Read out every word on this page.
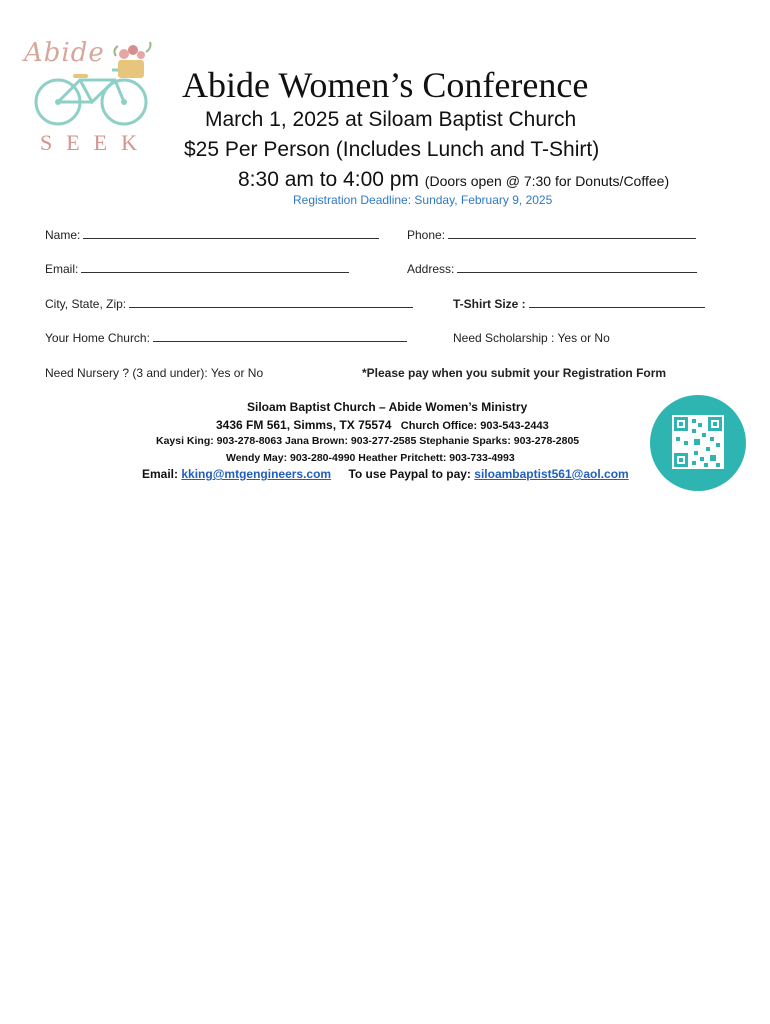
Abide
SEEK
Abide Women’s Conference
March 1, 2025 at Siloam Baptist Church
$25 Per Person (Includes Lunch and T-Shirt)
8:30 am to 4:00 pm (Doors open @ 7:30 for Donuts/Coffee)
Registration Deadline: Sunday, February 9, 2025
Name:	Phone:
Email:	Address:
City, State, Zip:	T-Shirt Size :
Your Home Church:	Need Scholarship : Yes or No
Need Nursery ? (3 and under): Yes or No	*Please pay when you submit your Registration Form
Siloam Baptist Church – Abide Women’s Ministry
3436 FM 561, Simms, TX 75574 Church Office: 903-543-2443
Kaysi King: 903-278-8063 Jana Brown: 903-277-2585 Stephanie Sparks: 903-278-2805
Wendy May: 903-280-4990 Heather Pritchett: 903-733-4993
Email: kking@mtgengineers.com To use Paypal to pay: siloambaptist561@aol.com
